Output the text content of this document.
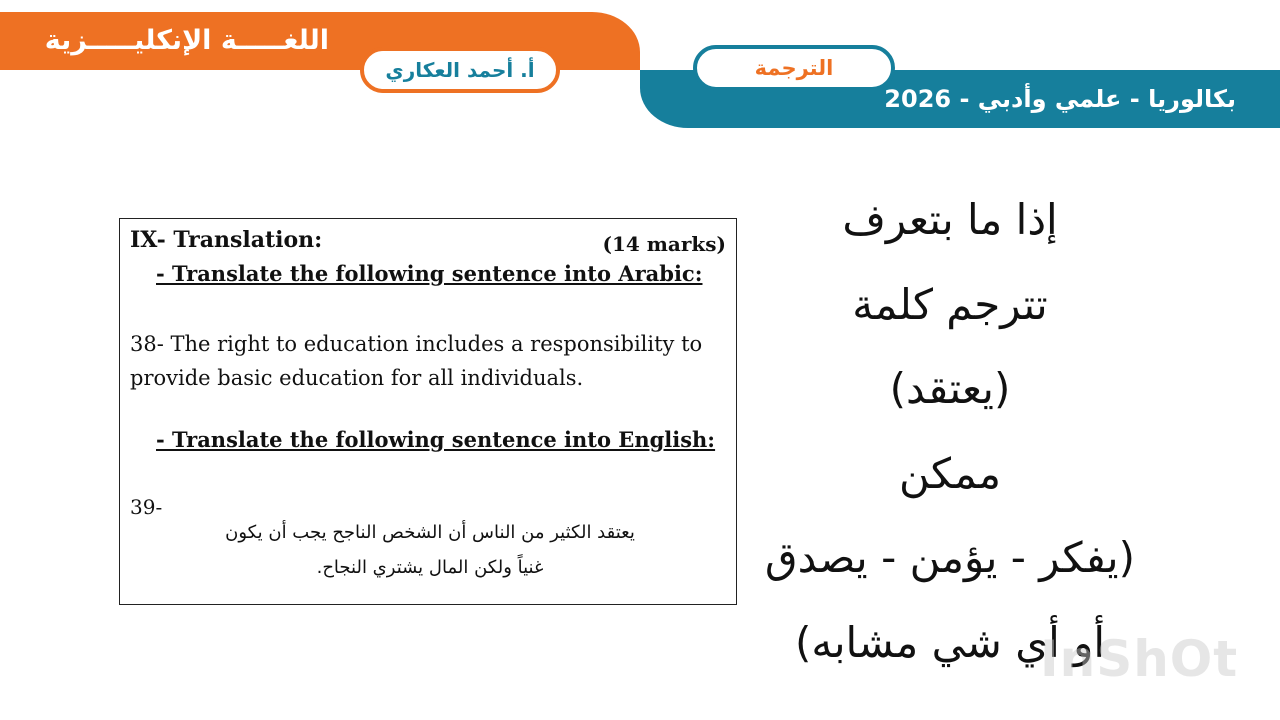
اللغـــــة الإنكليـــــزية
أ. أحمد العكاري	الترجمة
بكالوريا - علمي وأدبي - 2026
IX- Translation:	(14 marks)
- Translate the following sentence into Arabic:
38- The right to education includes a responsibility to provide basic education for all individuals.
- Translate the following sentence into English:
39-
يعتقد الكثير من الناس أن الشخص الناجح يجب أن يكون
غنياً ولكن المال يشتري النجاح.
إذا ما بتعرف
تترجم كلمة
(يعتقد)
ممكن
(يفكر - يؤمن - يصدق
أو أي شي مشابه)
InShOt
